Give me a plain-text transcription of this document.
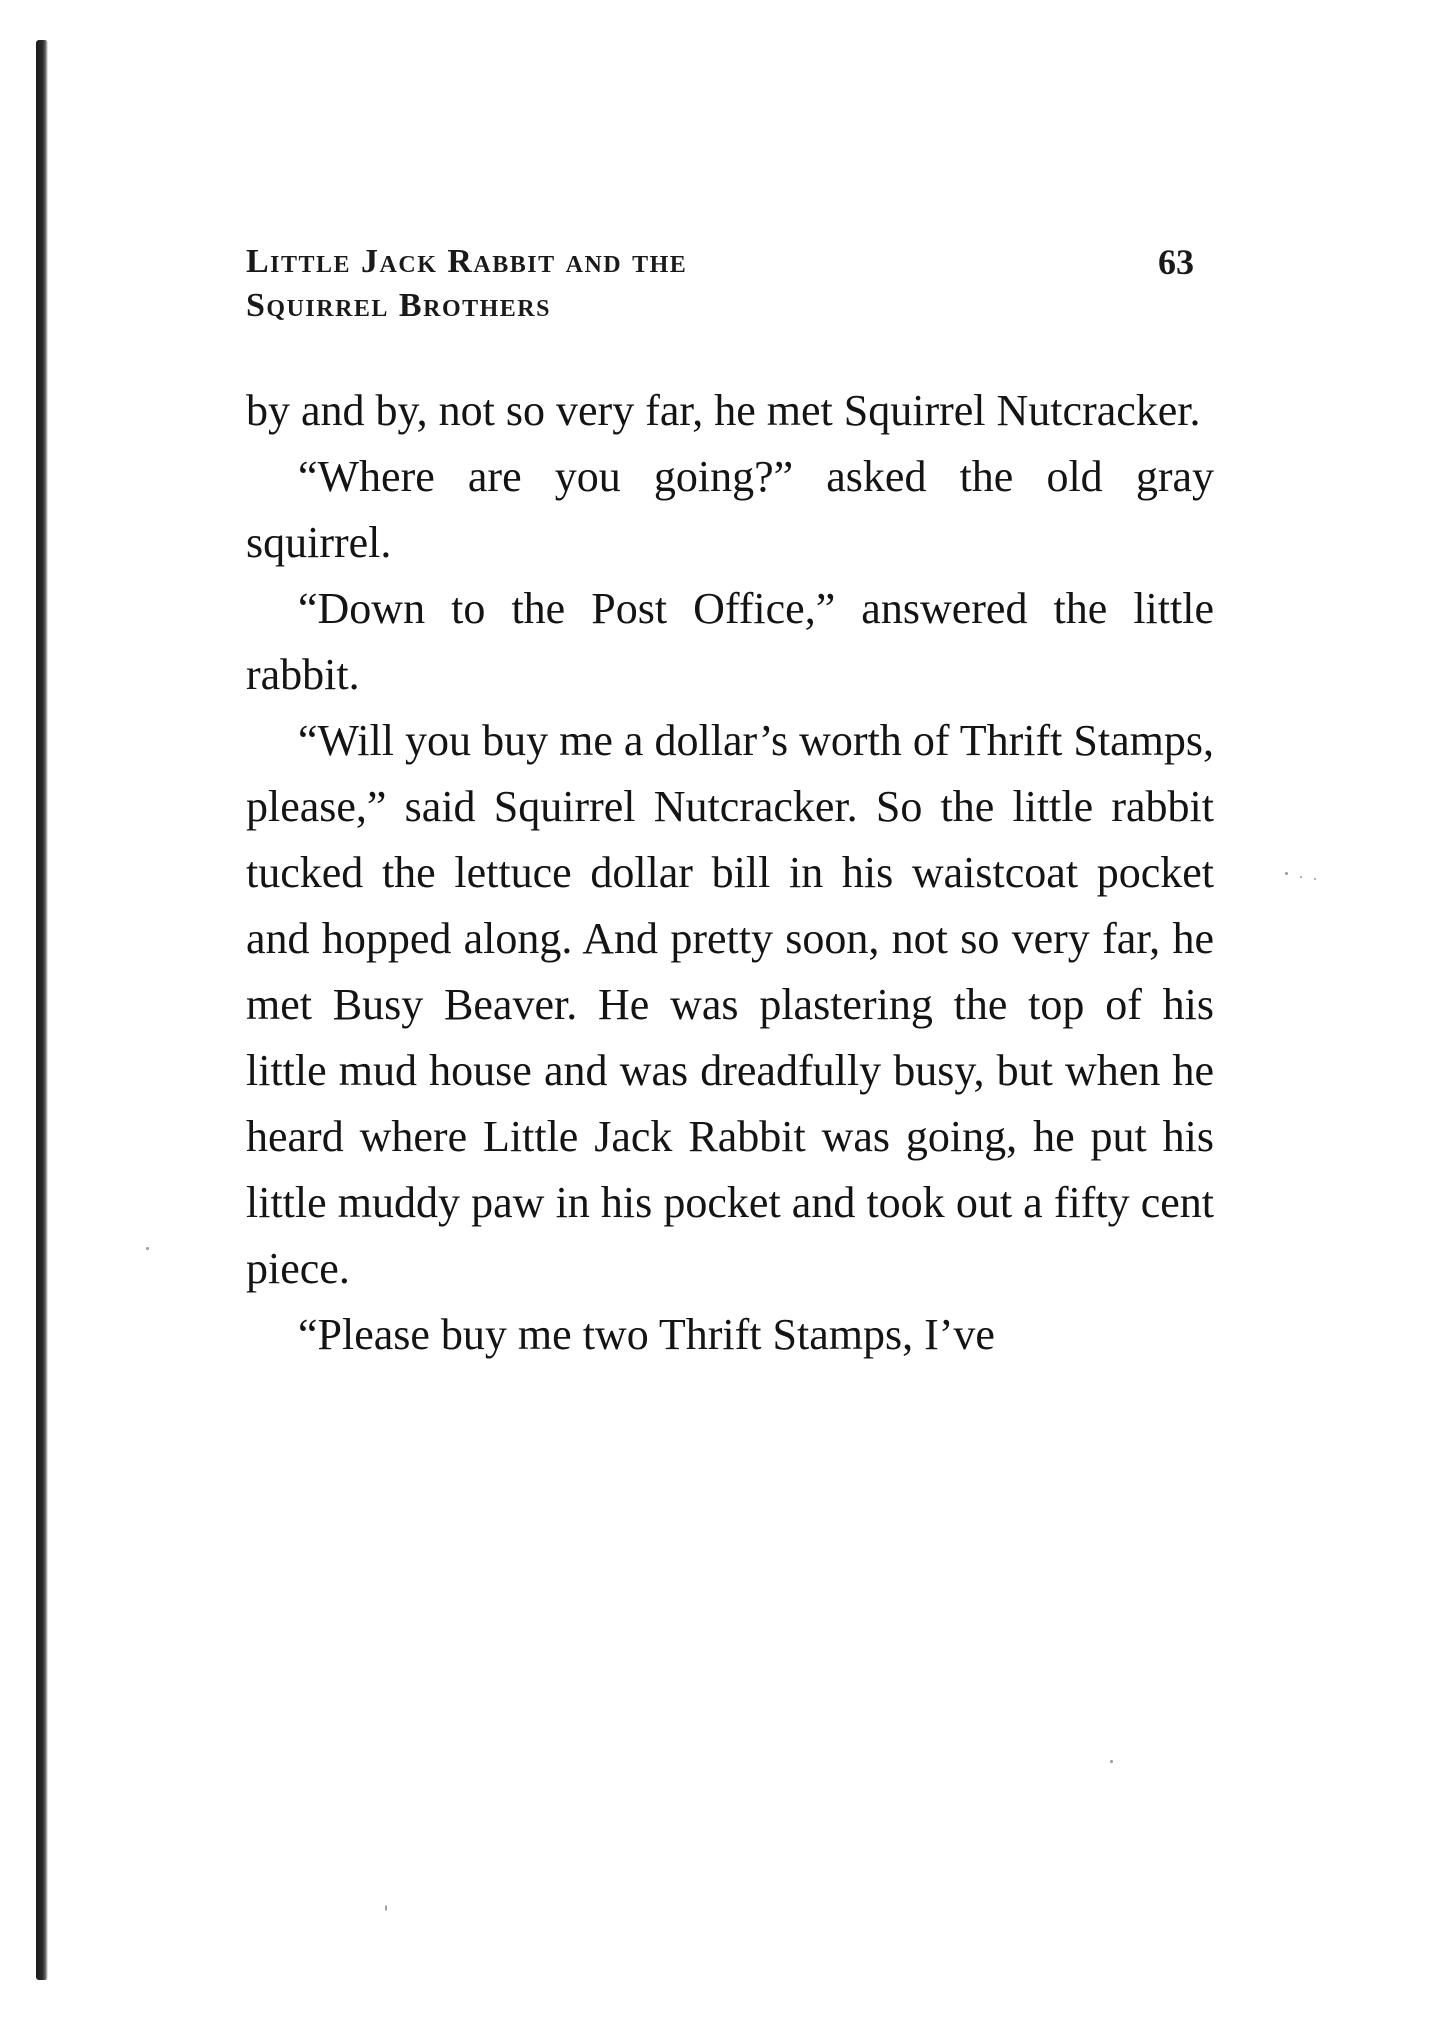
Little Jack Rabbit and the
Squirrel Brothers
63

by and by, not so very far, he met Squirrel Nutcracker.

“Where are you going?” asked the old gray squirrel.

“Down to the Post Office,” answered the little rabbit.

“Will you buy me a dollar’s worth of Thrift Stamps, please,” said Squirrel Nutcracker. So the little rabbit tucked the lettuce dollar bill in his waistcoat pocket and hopped along. And pretty soon, not so very far, he met Busy Beaver. He was plastering the top of his little mud house and was dreadfully busy, but when he heard where Little Jack Rabbit was going, he put his little muddy paw in his pocket and took out a fifty cent piece.

“Please buy me two Thrift Stamps, I’ve
